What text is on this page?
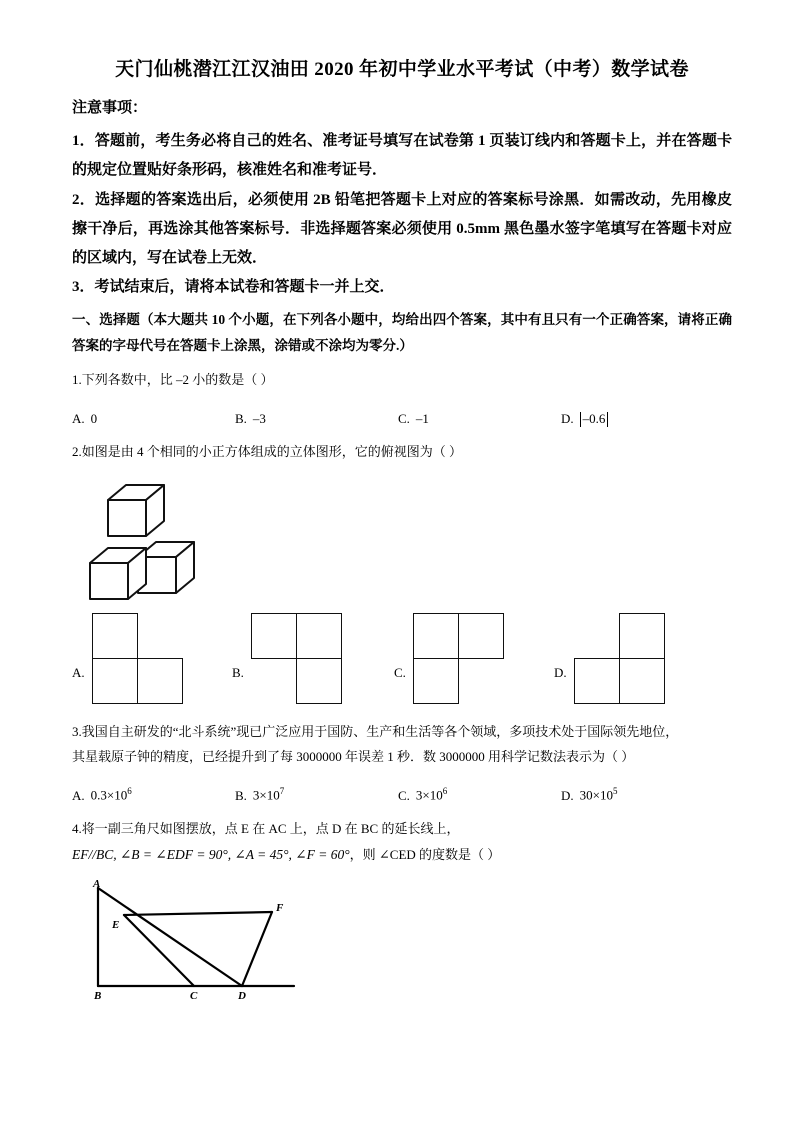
天门仙桃潜江江汉油田 2020 年初中学业水平考试（中考）数学试卷
注意事项：

1．答题前，考生务必将自己的姓名、准考证号填写在试卷第 1 页装订线内和答题卡上，并在答题卡的规定位置贴好条形码，核准姓名和准考证号．

2．选择题的答案选出后，必须使用 2B 铅笔把答题卡上对应的答案标号涂黑．如需改动，先用橡皮擦干净后，再选涂其他答案标号．非选择题答案必须使用 0.5mm 黑色墨水签字笔填写在答题卡对应的区域内，写在试卷上无效．

3．考试结束后，请将本试卷和答题卡一并上交．

一、选择题（本大题共 10 个小题，在下列各小题中，均给出四个答案，其中有且只有一个正确答案，请将正确答案的字母代号在答题卡上涂黑，涂错或不涂均为零分.）
1.下列各数中，比 –2 小的数是（ ）
A. 0	B. –3	C. –1	D. –0.6
2.如图是由 4 个相同的小正方体组成的立体图形，它的俯视图为（ ）
A.	B.	C.	D.
3.我国自主研发的“北斗系统”现已广泛应用于国防、生产和生活等各个领域，多项技术处于国际领先地位，
其星载原子钟的精度，已经提升到了每 3000000 年误差 1 秒．数 3000000 用科学记数法表示为（ ）
A. $0.3\times 10^6$	B. $3\times 10^7$	C. $3\times 10^6$	D. $30\times 10^5$
4.将一副三角尺如图摆放，点 E 在 AC 上，点 D 在 BC 的延长线上，
EF//BC, ∠B = ∠EDF = 90°, ∠A = 45°, ∠F = 60°，则 ∠CED 的度数是（ ）
A
E
F
B	C	D
